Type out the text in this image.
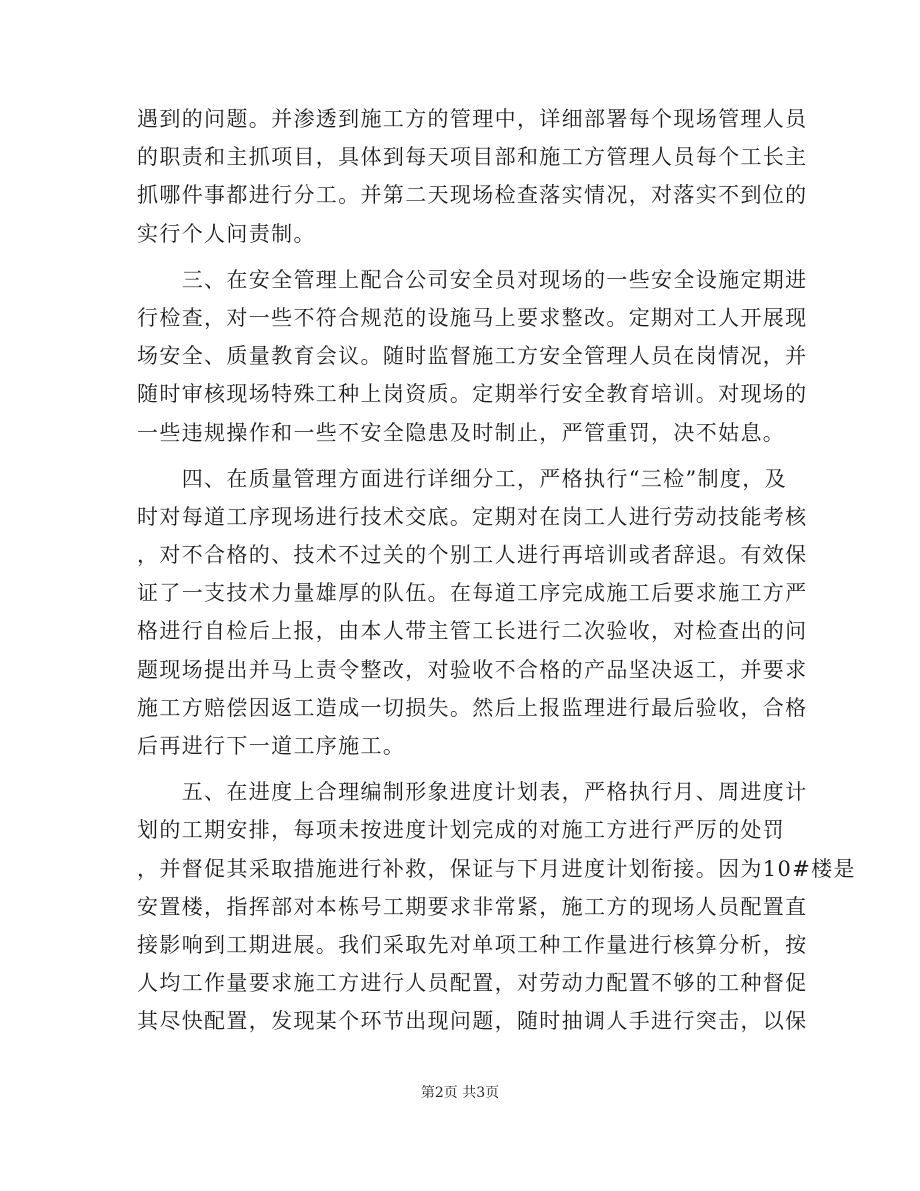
遇到的问题。并渗透到施工方的管理中，详细部署每个现场管理人员
的职责和主抓项目，具体到每天项目部和施工方管理人员每个工长主
抓哪件事都进行分工。并第二天现场检查落实情况，对落实不到位的
实行个人问责制。
　　三、在安全管理上配合公司安全员对现场的一些安全设施定期进
行检查，对一些不符合规范的设施马上要求整改。定期对工人开展现
场安全、质量教育会议。随时监督施工方安全管理人员在岗情况，并
随时审核现场特殊工种上岗资质。定期举行安全教育培训。对现场的
一些违规操作和一些不安全隐患及时制止，严管重罚，决不姑息。
　　四、在质量管理方面进行详细分工，严格执行“三检”制度，及
时对每道工序现场进行技术交底。定期对在岗工人进行劳动技能考核
，对不合格的、技术不过关的个别工人进行再培训或者辞退。有效保
证了一支技术力量雄厚的队伍。在每道工序完成施工后要求施工方严
格进行自检后上报，由本人带主管工长进行二次验收，对检查出的问
题现场提出并马上责令整改，对验收不合格的产品坚决返工，并要求
施工方赔偿因返工造成一切损失。然后上报监理进行最后验收，合格
后再进行下一道工序施工。
　　五、在进度上合理编制形象进度计划表，严格执行月、周进度计
划的工期安排，每项未按进度计划完成的对施工方进行严厉的处罚
，并督促其采取措施进行补救，保证与下月进度计划衔接。因为10#楼是
安置楼，指挥部对本栋号工期要求非常紧，施工方的现场人员配置直
接影响到工期进展。我们采取先对单项工种工作量进行核算分析，按
人均工作量要求施工方进行人员配置，对劳动力配置不够的工种督促
其尽快配置，发现某个环节出现问题，随时抽调人手进行突击，以保
第2页 共3页
